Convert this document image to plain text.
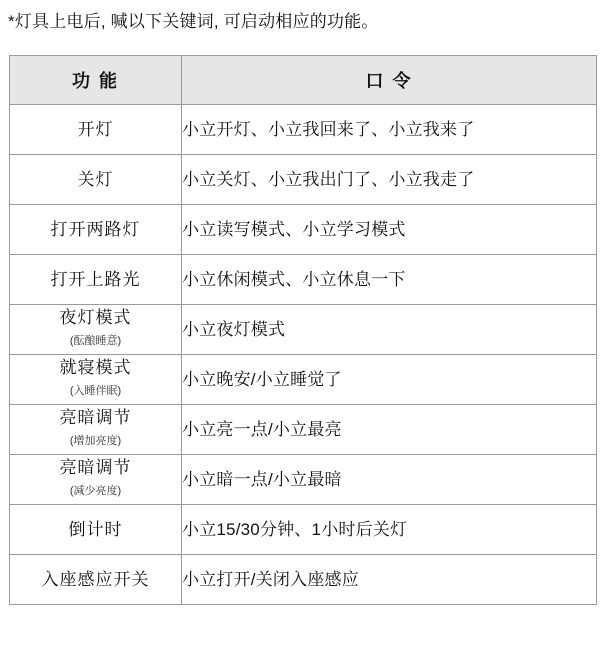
*灯具上电后, 喊以下关键词, 可启动相应的功能。
功 能	口 令

开灯	小立开灯、小立我回来了、小立我来了

关灯	小立关灯、小立我出门了、小立我走了

打开两路灯	小立读写模式、小立学习模式

打开上路光	小立休闲模式、小立休息一下

夜灯模式
(酝酿睡意)	小立夜灯模式

就寝模式
(入睡伴眠)	小立晚安/小立睡觉了

亮暗调节
(增加亮度)	小立亮一点/小立最亮

亮暗调节
(减少亮度)	小立暗一点/小立最暗

倒计时	小立15/30分钟、1小时后关灯

入座感应开关	小立打开/关闭入座感应
